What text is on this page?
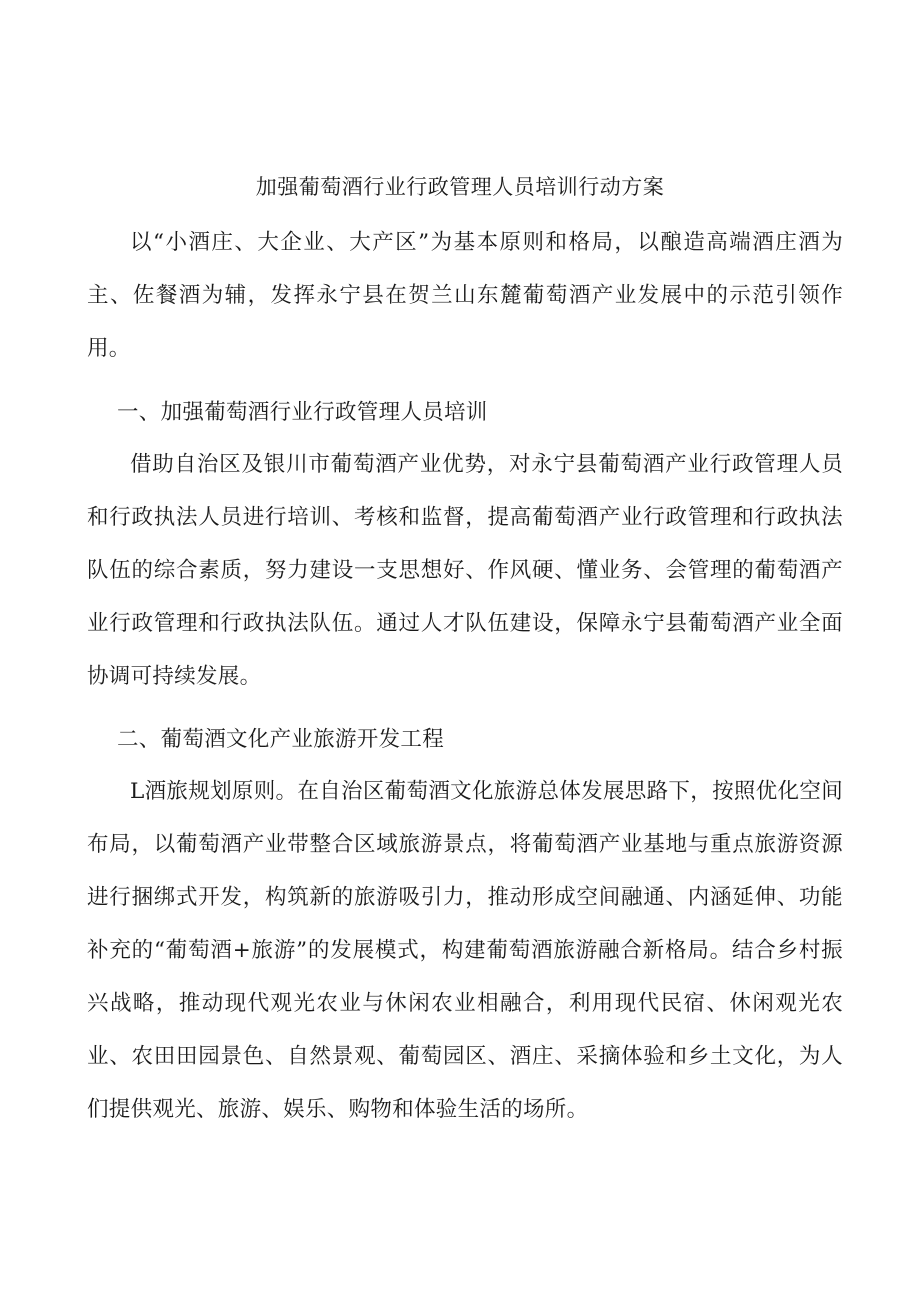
加强葡萄酒行业行政管理人员培训行动方案

以“小酒庄、大企业、大产区”为基本原则和格局，以酿造高端酒庄酒为主、佐餐酒为辅，发挥永宁县在贺兰山东麓葡萄酒产业发展中的示范引领作用。

一、加强葡萄酒行业行政管理人员培训

借助自治区及银川市葡萄酒产业优势，对永宁县葡萄酒产业行政管理人员和行政执法人员进行培训、考核和监督，提高葡萄酒产业行政管理和行政执法队伍的综合素质，努力建设一支思想好、作风硬、懂业务、会管理的葡萄酒产业行政管理和行政执法队伍。通过人才队伍建设，保障永宁县葡萄酒产业全面协调可持续发展。

二、葡萄酒文化产业旅游开发工程

L酒旅规划原则。在自治区葡萄酒文化旅游总体发展思路下，按照优化空间布局，以葡萄酒产业带整合区域旅游景点，将葡萄酒产业基地与重点旅游资源进行捆绑式开发，构筑新的旅游吸引力，推动形成空间融通、内涵延伸、功能补充的“葡萄酒+旅游”的发展模式，构建葡萄酒旅游融合新格局。结合乡村振兴战略，推动现代观光农业与休闲农业相融合，利用现代民宿、休闲观光农业、农田田园景色、自然景观、葡萄园区、酒庄、采摘体验和乡土文化，为人们提供观光、旅游、娱乐、购物和体验生活的场所。
